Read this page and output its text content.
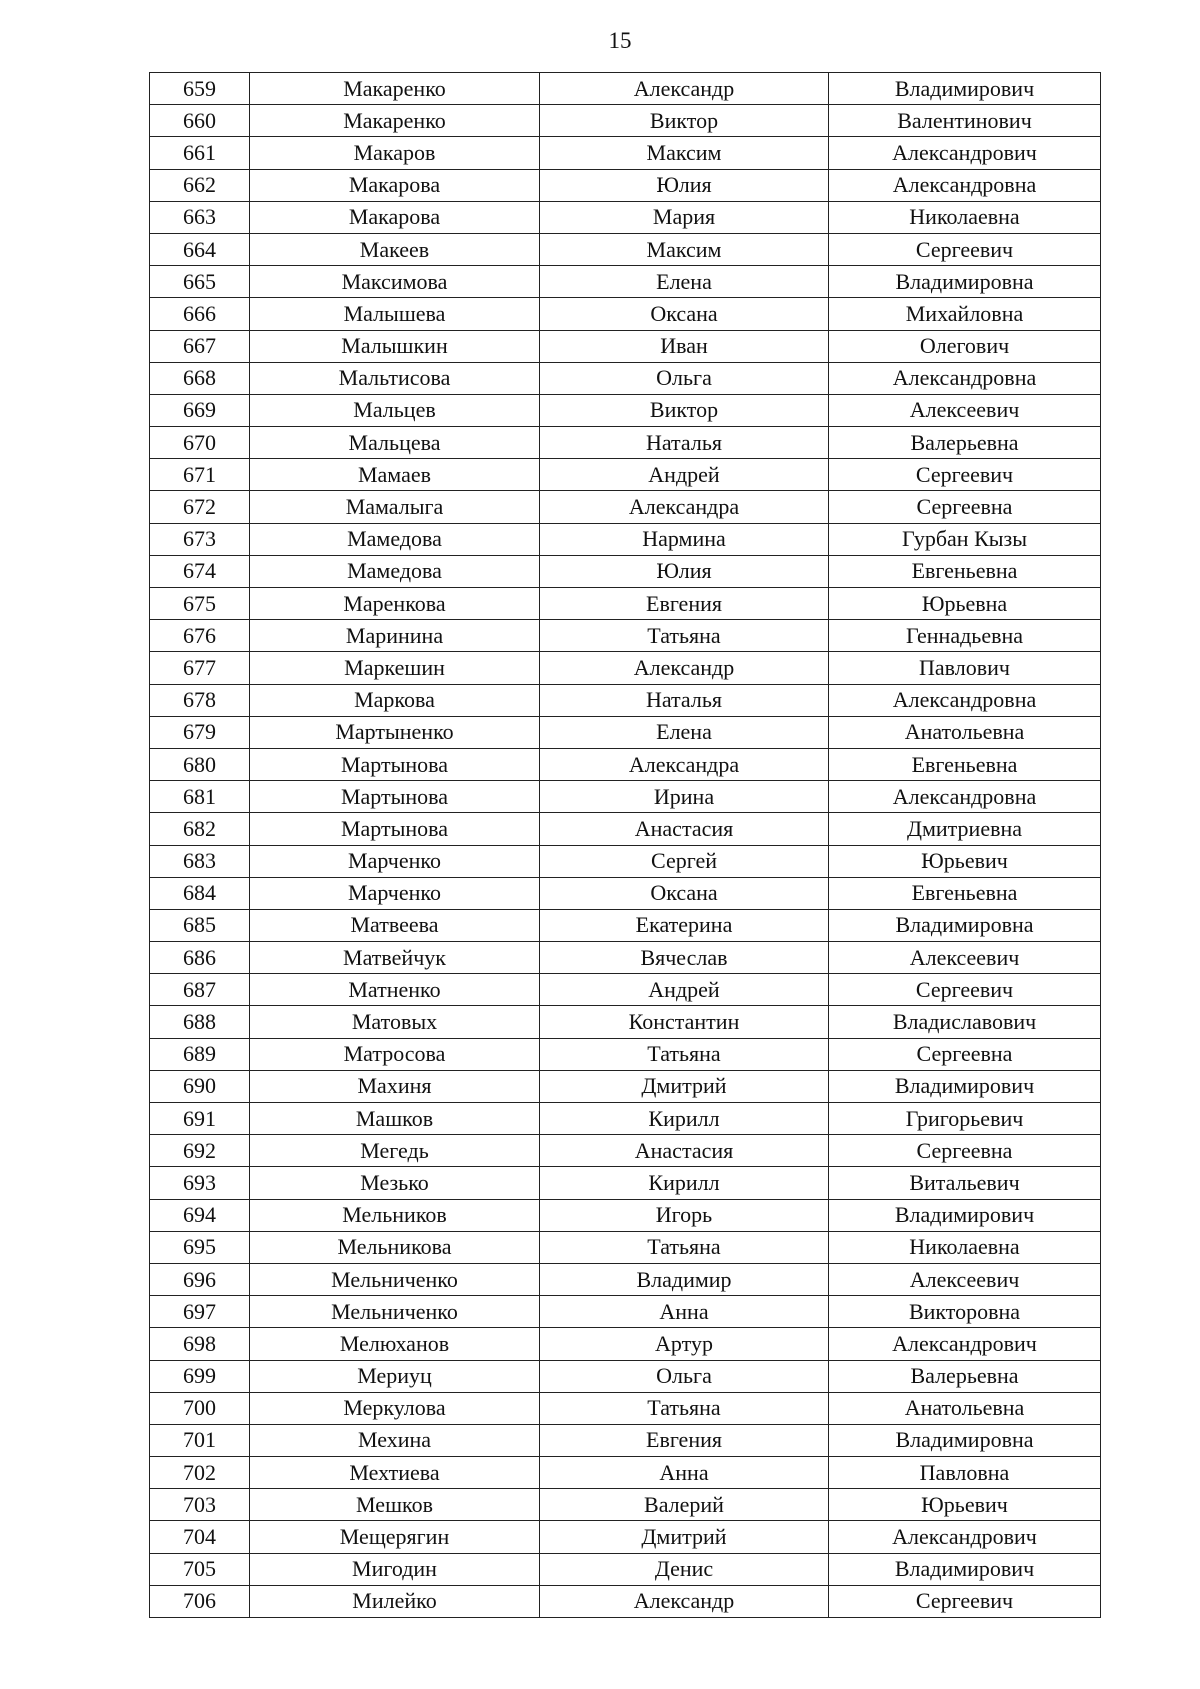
15
659	Макаренко	Александр	Владимирович
660	Макаренко	Виктор	Валентинович
661	Макаров	Максим	Александрович
662	Макарова	Юлия	Александровна
663	Макарова	Мария	Николаевна
664	Макеев	Максим	Сергеевич
665	Максимова	Елена	Владимировна
666	Малышева	Оксана	Михайловна
667	Малышкин	Иван	Олегович
668	Мальтисова	Ольга	Александровна
669	Мальцев	Виктор	Алексеевич
670	Мальцева	Наталья	Валерьевна
671	Мамаев	Андрей	Сергеевич
672	Мамалыга	Александра	Сергеевна
673	Мамедова	Нармина	Гурбан Кызы
674	Мамедова	Юлия	Евгеньевна
675	Маренкова	Евгения	Юрьевна
676	Маринина	Татьяна	Геннадьевна
677	Маркешин	Александр	Павлович
678	Маркова	Наталья	Александровна
679	Мартыненко	Елена	Анатольевна
680	Мартынова	Александра	Евгеньевна
681	Мартынова	Ирина	Александровна
682	Мартынова	Анастасия	Дмитриевна
683	Марченко	Сергей	Юрьевич
684	Марченко	Оксана	Евгеньевна
685	Матвеева	Екатерина	Владимировна
686	Матвейчук	Вячеслав	Алексеевич
687	Матненко	Андрей	Сергеевич
688	Матовых	Константин	Владиславович
689	Матросова	Татьяна	Сергеевна
690	Махиня	Дмитрий	Владимирович
691	Машков	Кирилл	Григорьевич
692	Мегедь	Анастасия	Сергеевна
693	Мезько	Кирилл	Витальевич
694	Мельников	Игорь	Владимирович
695	Мельникова	Татьяна	Николаевна
696	Мельниченко	Владимир	Алексеевич
697	Мельниченко	Анна	Викторовна
698	Мелюханов	Артур	Александрович
699	Мериуц	Ольга	Валерьевна
700	Меркулова	Татьяна	Анатольевна
701	Мехина	Евгения	Владимировна
702	Мехтиева	Анна	Павловна
703	Мешков	Валерий	Юрьевич
704	Мещерягин	Дмитрий	Александрович
705	Мигодин	Денис	Владимирович
706	Милейко	Александр	Сергеевич
